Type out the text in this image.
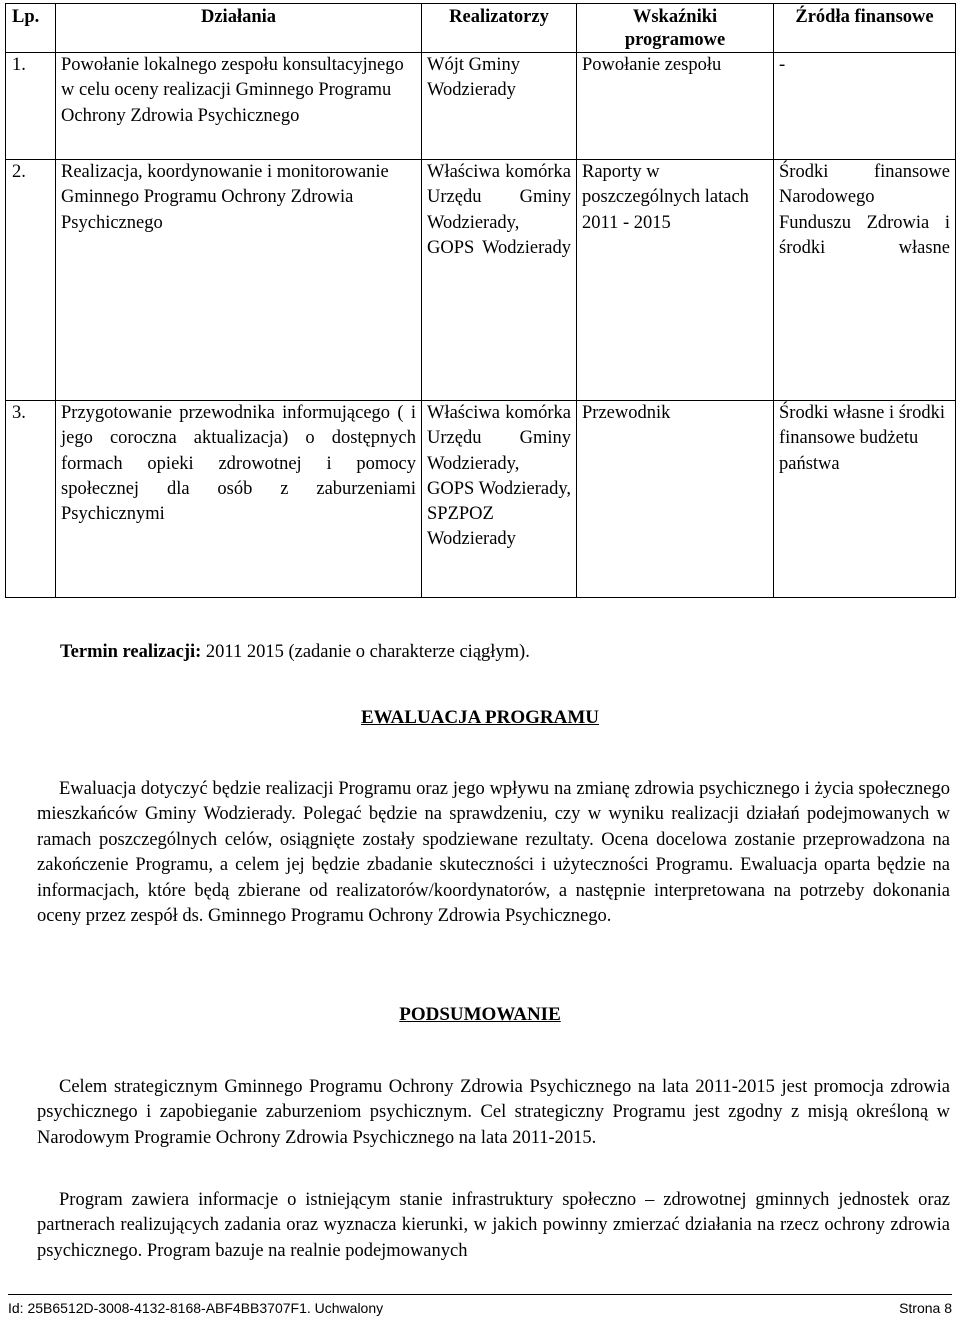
Lp.	Działania	Realizatorzy	Wskaźniki programowe	Źródła finansowe
1.	Powołanie lokalnego zespołu konsultacyjnego w celu oceny realizacji Gminnego Programu Ochrony Zdrowia Psychicznego	Wójt Gminy Wodzierady	Powołanie zespołu	-
2.	Realizacja, koordynowanie i monitorowanie Gminnego Programu Ochrony Zdrowia Psychicznego	Właściwa komórka Urzędu Gminy Wodzierady, GOPS Wodzierady	Raporty w poszczególnych latach 2011 - 2015	Środki finansowe Narodowego Funduszu Zdrowia i środki własne
3.	Przygotowanie przewodnika informującego ( i jego coroczna aktualizacja) o dostępnych formach opieki zdrowotnej i pomocy społecznej dla osób z zaburzeniami Psychicznymi	Właściwa komórka Urzędu Gminy Wodzierady, GOPS Wodzierady, SPZPOZ Wodzierady	Przewodnik	Środki własne i środki finansowe budżetu państwa
Termin realizacji: 2011 2015 (zadanie o charakterze ciągłym).
EWALUACJA PROGRAMU

Ewaluacja dotyczyć będzie realizacji Programu oraz jego wpływu na zmianę zdrowia psychicznego i życia społecznego mieszkańców Gminy Wodzierady. Polegać będzie na sprawdzeniu, czy w wyniku realizacji działań podejmowanych w ramach poszczególnych celów, osiągnięte zostały spodziewane rezultaty. Ocena docelowa zostanie przeprowadzona na zakończenie Programu, a celem jej będzie zbadanie skuteczności i użyteczności Programu. Ewaluacja oparta będzie na informacjach, które będą zbierane od realizatorów/koordynatorów, a następnie interpretowana na potrzeby dokonania oceny przez zespół ds. Gminnego Programu Ochrony Zdrowia Psychicznego.

PODSUMOWANIE

Celem strategicznym Gminnego Programu Ochrony Zdrowia Psychicznego na lata 2011-2015 jest promocja zdrowia psychicznego i zapobieganie zaburzeniom psychicznym. Cel strategiczny Programu jest zgodny z misją określoną w Narodowym Programie Ochrony Zdrowia Psychicznego na lata 2011-2015.

Program zawiera informacje o istniejącym stanie infrastruktury społeczno – zdrowotnej gminnych jednostek oraz partnerach realizujących zadania oraz wyznacza kierunki, w jakich powinny zmierzać działania na rzecz ochrony zdrowia psychicznego. Program bazuje na realnie podejmowanych

Id: 25B6512D-3008-4132-8168-ABF4BB3707F1. Uchwalony	Strona 8
